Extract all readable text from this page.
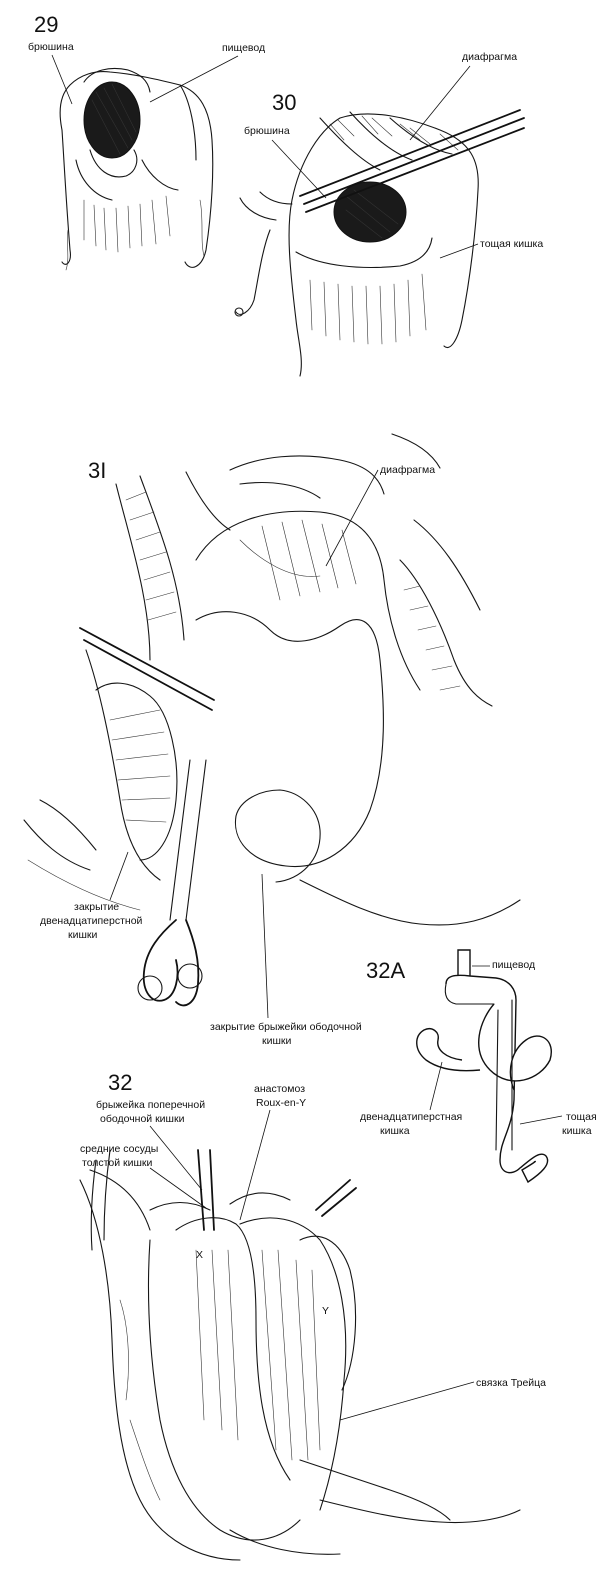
29
брюшина	пищевод
30
диафрагма
брюшина
тощая кишка
3I	диафрагма
закрытие
двенадцатиперстной
кишки
закрытие брыжейки ободочной
кишки
32A	пищевод
двенадцатиперстная
кишка
тощая
кишка
32
X
Y
брыжейка поперечной
ободочной кишки
средние сосуды
толстой кишки
анастомоз
Roux-en-Y
связка Трейца
